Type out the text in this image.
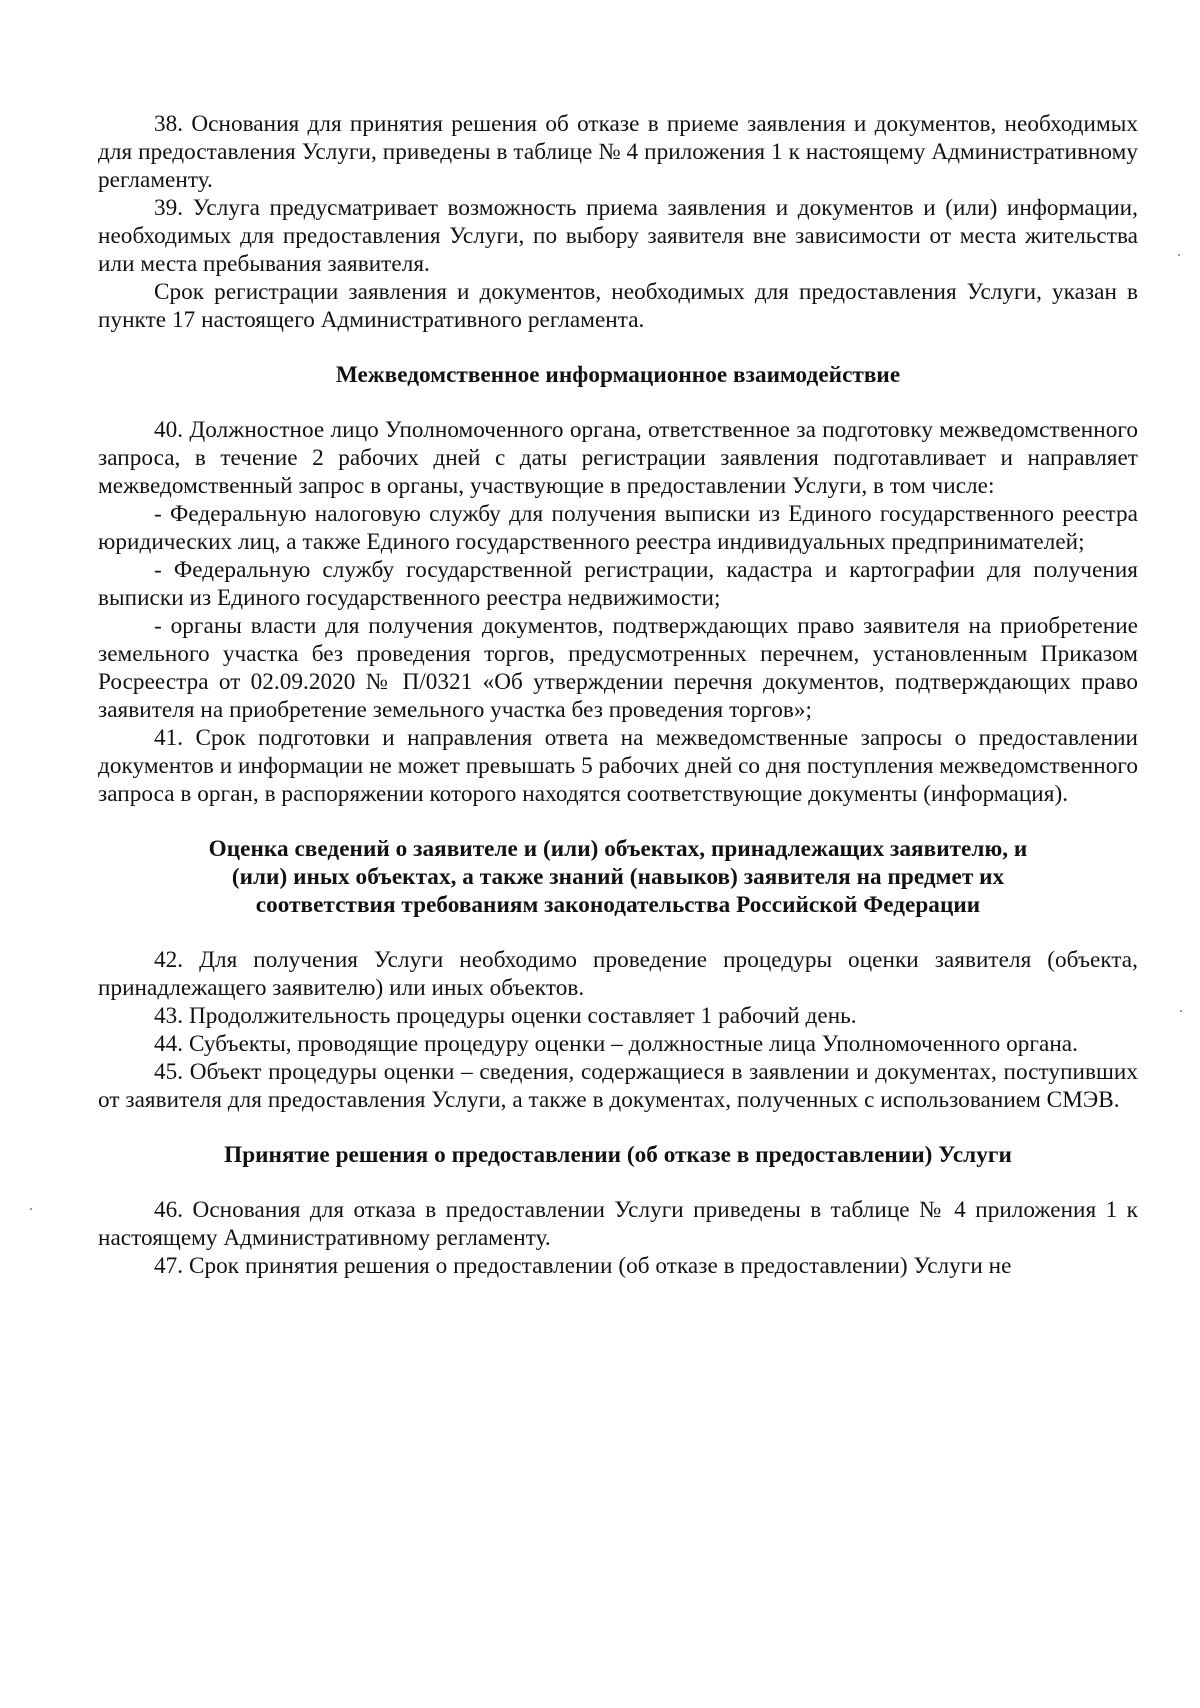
38. Основания для принятия решения об отказе в приеме заявления и документов, необходимых для предоставления Услуги, приведены в таблице № 4 приложения 1 к настоящему Административному регламенту.

39. Услуга предусматривает возможность приема заявления и документов и (или) информации, необходимых для предоставления Услуги, по выбору заявителя вне зависимости от места жительства или места пребывания заявителя.

Срок регистрации заявления и документов, необходимых для предоставления Услуги, указан в пункте 17 настоящего Административного регламента.

Межведомственное информационное взаимодействие

40. Должностное лицо Уполномоченного органа, ответственное за подготовку межведомственного запроса, в течение 2 рабочих дней с даты регистрации заявления подготавливает и направляет межведомственный запрос в органы, участвующие в предоставлении Услуги, в том числе:

- Федеральную налоговую службу для получения выписки из Единого государственного реестра юридических лиц, а также Единого государственного реестра индивидуальных предпринимателей;

- Федеральную службу государственной регистрации, кадастра и картографии для получения выписки из Единого государственного реестра недвижимости;

- органы власти для получения документов, подтверждающих право заявителя на приобретение земельного участка без проведения торгов, предусмотренных перечнем, установленным Приказом Росреестра от 02.09.2020 № П/0321 «Об утверждении перечня документов, подтверждающих право заявителя на приобретение земельного участка без проведения торгов»;

41. Срок подготовки и направления ответа на межведомственные запросы о предоставлении документов и информации не может превышать 5 рабочих дней со дня поступления межведомственного запроса в орган, в распоряжении которого находятся соответствующие документы (информация).

Оценка сведений о заявителе и (или) объектах, принадлежащих заявителю, и
(или) иных объектах, а также знаний (навыков) заявителя на предмет их
соответствия требованиям законодательства Российской Федерации

42. Для получения Услуги необходимо проведение процедуры оценки заявителя (объекта, принадлежащего заявителю) или иных объектов.

43. Продолжительность процедуры оценки составляет 1 рабочий день.

44. Субъекты, проводящие процедуру оценки – должностные лица Уполномоченного органа.

45. Объект процедуры оценки – сведения, содержащиеся в заявлении и документах, поступивших от заявителя для предоставления Услуги, а также в документах, полученных с использованием СМЭВ.

Принятие решения о предоставлении (об отказе в предоставлении) Услуги

46. Основания для отказа в предоставлении Услуги приведены в таблице № 4 приложения 1 к настоящему Административному регламенту.

47. Срок принятия решения о предоставлении (об отказе в предоставлении) Услуги не
